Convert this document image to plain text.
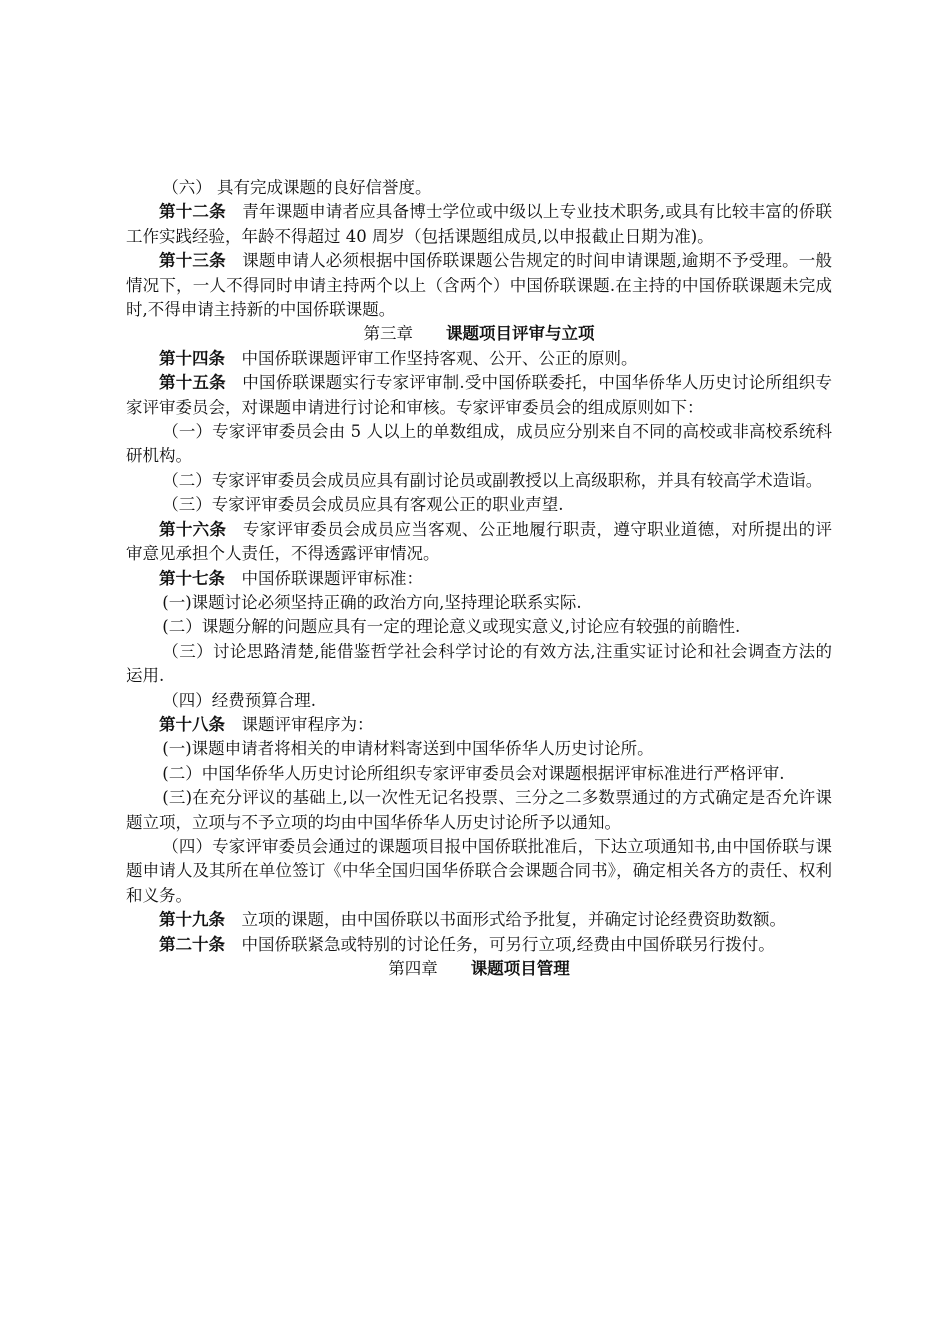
（六） 具有完成课题的良好信誉度。

第十二条 青年课题申请者应具备博士学位或中级以上专业技术职务,或具有比较丰富的侨联工作实践经验，年龄不得超过 40 周岁（包括课题组成员,以申报截止日期为准)。

第十三条 课题申请人必须根据中国侨联课题公告规定的时间申请课题,逾期不予受理。一般情况下，一人不得同时申请主持两个以上（含两个）中国侨联课题.在主持的中国侨联课题未完成时,不得申请主持新的中国侨联课题。

第三章 课题项目评审与立项

第十四条 中国侨联课题评审工作坚持客观、公开、公正的原则。

第十五条 中国侨联课题实行专家评审制.受中国侨联委托，中国华侨华人历史讨论所组织专家评审委员会，对课题申请进行讨论和审核。专家评审委员会的组成原则如下：

（一）专家评审委员会由 5 人以上的单数组成，成员应分别来自不同的高校或非高校系统科研机构。

（二）专家评审委员会成员应具有副讨论员或副教授以上高级职称，并具有较高学术造诣。

（三）专家评审委员会成员应具有客观公正的职业声望.

第十六条 专家评审委员会成员应当客观、公正地履行职责，遵守职业道德，对所提出的评审意见承担个人责任，不得透露评审情况。

第十七条 中国侨联课题评审标准：

(一)课题讨论必须坚持正确的政治方向,坚持理论联系实际.

(二）课题分解的问题应具有一定的理论意义或现实意义,讨论应有较强的前瞻性.

（三）讨论思路清楚,能借鉴哲学社会科学讨论的有效方法,注重实证讨论和社会调查方法的运用.

（四）经费预算合理.

第十八条 课题评审程序为：

(一)课题申请者将相关的申请材料寄送到中国华侨华人历史讨论所。

(二）中国华侨华人历史讨论所组织专家评审委员会对课题根据评审标准进行严格评审.

(三)在充分评议的基础上,以一次性无记名投票、三分之二多数票通过的方式确定是否允许课题立项，立项与不予立项的均由中国华侨华人历史讨论所予以通知。

（四）专家评审委员会通过的课题项目报中国侨联批准后，下达立项通知书,由中国侨联与课题申请人及其所在单位签订《中华全国归国华侨联合会课题合同书》，确定相关各方的责任、权利和义务。

第十九条 立项的课题，由中国侨联以书面形式给予批复，并确定讨论经费资助数额。

第二十条 中国侨联紧急或特别的讨论任务，可另行立项,经费由中国侨联另行拨付。

第四章 课题项目管理
